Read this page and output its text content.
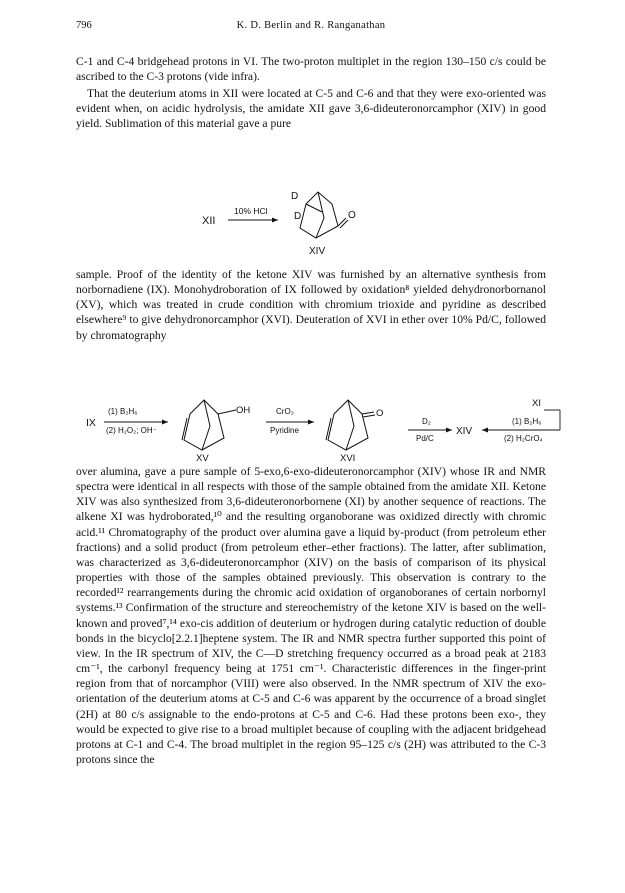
796	K. D. Berlin and R. Ranganathan

C-1 and C-4 bridgehead protons in VI. The two-proton multiplet in the region 130–150 c/s could be ascribed to the C-3 protons (vide infra).

That the deuterium atoms in XII were located at C-5 and C-6 and that they were exo-oriented was evident when, on acidic hydrolysis, the amidate XII gave 3,6-dideuteronorcamphor (XIV) in good yield. Sublimation of this material gave a pure

XII
10% HCl
D
D	O
XIV

sample. Proof of the identity of the ketone XIV was furnished by an alternative synthesis from norbornadiene (IX). Monohydroboration of IX followed by oxidation⁸ yielded dehydronorbornanol (XV), which was treated in crude condition with chromium trioxide and pyridine as described elsewhere⁹ to give dehydronorcamphor (XVI). Deuteration of XVI in ether over 10% Pd/C, followed by chromatography

IX
(1) B₂H₆
(2) H₂O₂; OH⁻
OH
XV
CrO₃
Pyridine
O
XVI
D₂
Pd/C
XIV
XI
(1) B₂H₆
(2) H₂CrO₄

over alumina, gave a pure sample of 5-exo,6-exo-dideuteronorcamphor (XIV) whose IR and NMR spectra were identical in all respects with those of the sample obtained from the amidate XII. Ketone XIV was also synthesized from 3,6-dideuteronorbornene (XI) by another sequence of reactions. The alkene XI was hydroborated,¹⁰ and the resulting organoborane was oxidized directly with chromic acid.¹¹ Chromatography of the product over alumina gave a liquid by-product (from petroleum ether fractions) and a solid product (from petroleum ether–ether fractions). The latter, after sublimation, was characterized as 3,6-dideuteronorcamphor (XIV) on the basis of comparison of its physical properties with those of the samples obtained previously. This observation is contrary to the recorded¹² rearrangements during the chromic acid oxidation of organoboranes of certain norbornyl systems.¹³ Confirmation of the structure and stereochemistry of the ketone XIV is based on the well-known and proved⁷,¹⁴ exo-cis addition of deuterium or hydrogen during catalytic reduction of double bonds in the bicyclo[2.2.1]heptene system. The IR and NMR spectra further supported this point of view. In the IR spectrum of XIV, the C—D stretching frequency occurred as a broad peak at 2183 cm⁻¹, the carbonyl frequency being at 1751 cm⁻¹. Characteristic differences in the finger-print region from that of norcamphor (VIII) were also observed. In the NMR spectrum of XIV the exo-orientation of the deuterium atoms at C-5 and C-6 was apparent by the occurrence of a broad singlet (2H) at 80 c/s assignable to the endo-protons at C-5 and C-6. Had these protons been exo-, they would be expected to give rise to a broad multiplet because of coupling with the adjacent bridgehead protons at C-1 and C-4. The broad multiplet in the region 95–125 c/s (2H) was attributed to the C-3 protons since the
